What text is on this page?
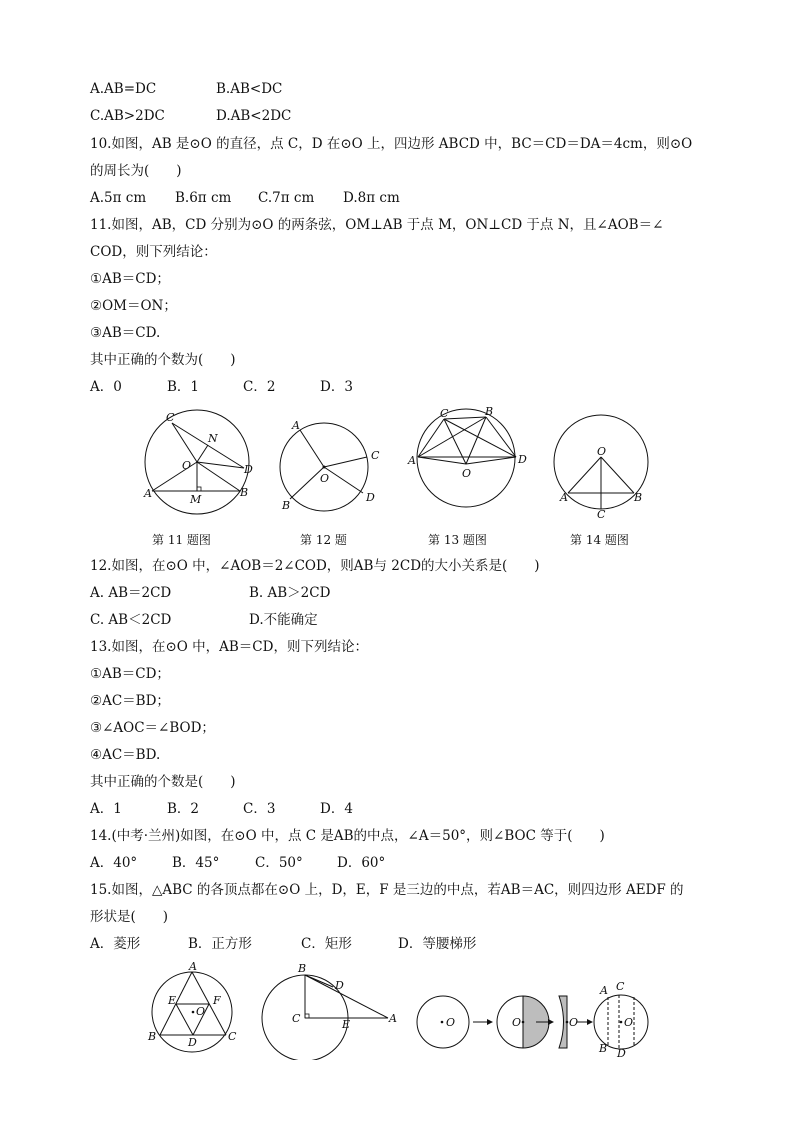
A.AB=DC	B.AB<DC
C.AB>2DC	D.AB<2DC
10.如图，AB 是⊙O 的直径，点 C，D 在⊙O 上，四边形 ABCD 中，BC＝CD＝DA＝4cm，则⊙O
的周长为(　　)
A.5π cm B.6π cm C.7π cm D.8π cm
11.如图，AB，CD 分别为⊙O 的两条弦，OM⊥AB 于点 M，ON⊥CD 于点 N，且∠AOB＝∠
COD，则下列结论：
①AB＝CD；
②OM＝ON；
③AB＝CD.
其中正确的个数为(　　)
A．0	B．1	C．2	D．3
C
N
O	D
A	B
M
A
C
O
D
B
C	B
A	D
O
O
A	B
C
第 11 题图	第 12 题	第 13 题图	第 14 题图
12.如图，在⊙O 中，∠AOB＝2∠COD，则AB与 2CD的大小关系是(　　)
A. AB＝2CD	B. AB＞2CD
C. AB＜2CD	D.不能确定
13.如图，在⊙O 中，AB＝CD，则下列结论：
①AB＝CD；
②AC＝BD；
③∠AOC＝∠BOD；
④AC＝BD.
其中正确的个数是(　　)
A．1	B．2	C．3	D．4
14.(中考·兰州)如图，在⊙O 中，点 C 是AB的中点，∠A＝50°，则∠BOC 等于(　　)
A．40°	B．45°	C．50°	D．60°
15.如图，△ABC 的各顶点都在⊙O 上，D，E，F 是三边的中点，若AB＝AC，则四边形 AEDF 的
形状是(　　)
A．菱形	B．正方形	C．矩形	D．等腰梯形
A
E
O
F
B	D	C
B
D
C	E	A	O	O	O	O
A C
B D
